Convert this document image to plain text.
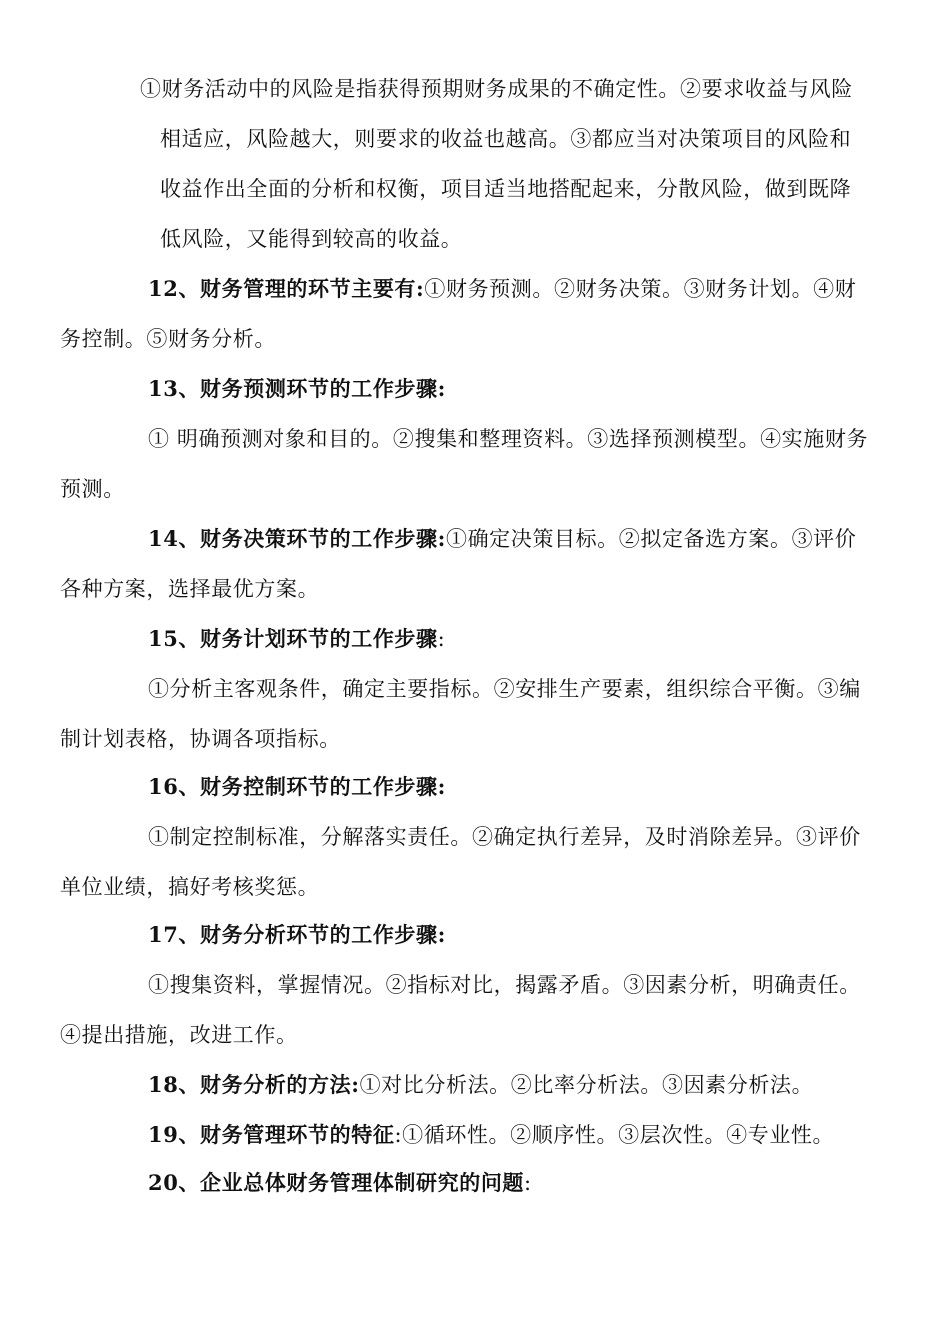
①财务活动中的风险是指获得预期财务成果的不确定性。②要求收益与风险
相适应，风险越大，则要求的收益也越高。③都应当对决策项目的风险和
收益作出全面的分析和权衡，项目适当地搭配起来，分散风险，做到既降
低风险，又能得到较高的收益。
12、财务管理的环节主要有:①财务预测。②财务决策。③财务计划。④财
务控制。⑤财务分析。
13、财务预测环节的工作步骤:
① 明确预测对象和目的。②搜集和整理资料。③选择预测模型。④实施财务
预测。
14、财务决策环节的工作步骤:①确定决策目标。②拟定备选方案。③评价
各种方案，选择最优方案。
15、财务计划环节的工作步骤:
①分析主客观条件，确定主要指标。②安排生产要素，组织综合平衡。③编
制计划表格，协调各项指标。
16、财务控制环节的工作步骤:
①制定控制标准，分解落实责任。②确定执行差异，及时消除差异。③评价
单位业绩，搞好考核奖惩。
17、财务分析环节的工作步骤:
①搜集资料，掌握情况。②指标对比，揭露矛盾。③因素分析，明确责任。
④提出措施，改进工作。
18、财务分析的方法:①对比分析法。②比率分析法。③因素分析法。
19、财务管理环节的特征:①循环性。②顺序性。③层次性。④专业性。
20、企业总体财务管理体制研究的问题:
